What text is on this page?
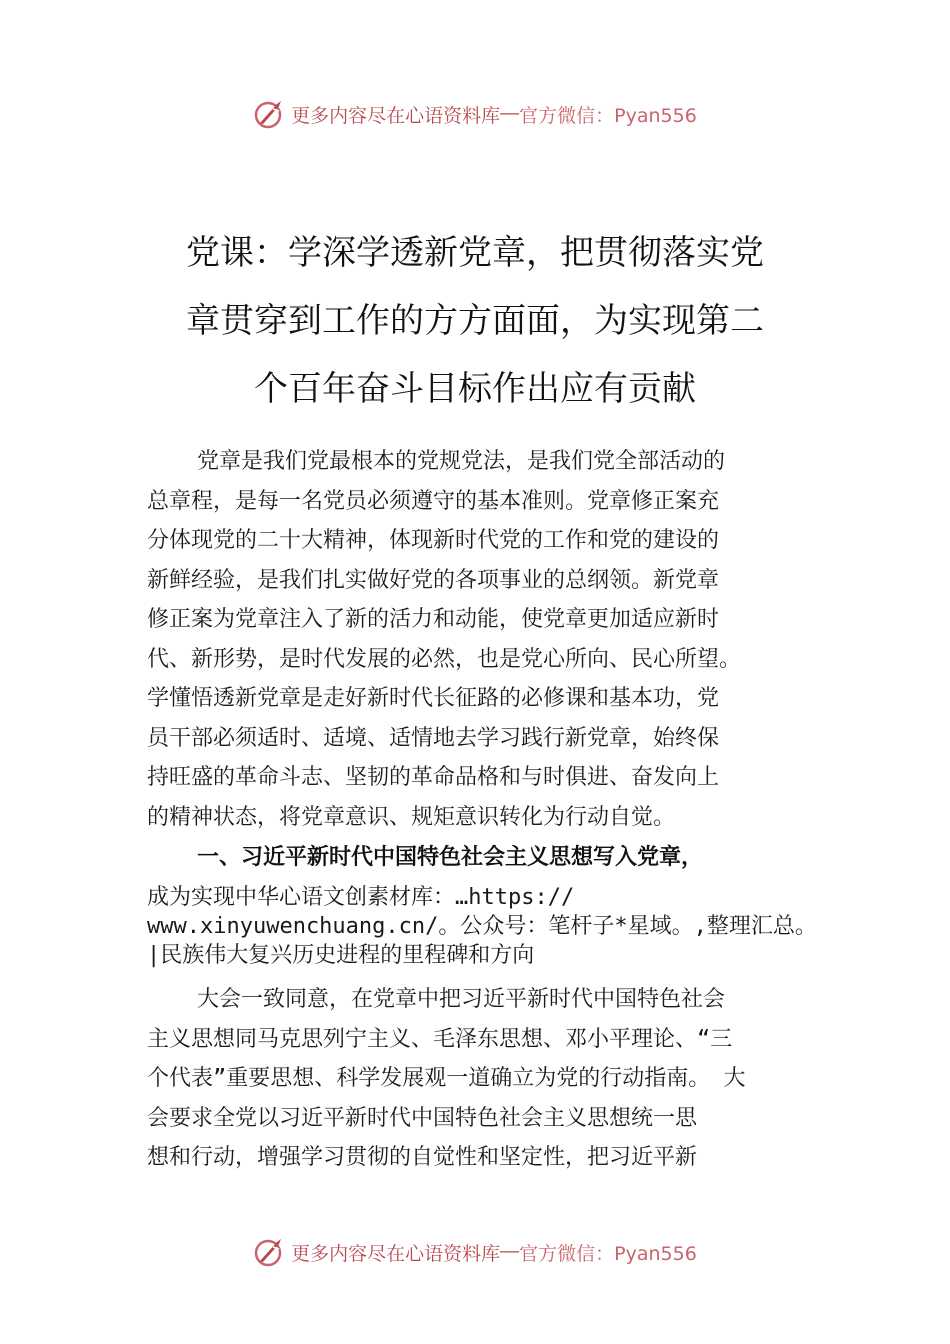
更多内容尽在心语资料库 — 官方微信：Pyan556
党课：学深学透新党章，把贯彻落实党
章贯穿到工作的方方面面，为实现第二
个百年奋斗目标作出应有贡献
党章是我们党最根本的党规党法，是我们党全部活动的
总章程，是每一名党员必须遵守的基本准则。党章修正案充
分体现党的二十大精神，体现新时代党的工作和党的建设的
新鲜经验，是我们扎实做好党的各项事业的总纲领。新党章
修正案为党章注入了新的活力和动能，使党章更加适应新时
代、新形势，是时代发展的必然，也是党心所向、民心所望。
学懂悟透新党章是走好新时代长征路的必修课和基本功，党
员干部必须适时、适境、适情地去学习践行新党章，始终保
持旺盛的革命斗志、坚韧的革命品格和与时俱进、奋发向上
的精神状态，将党章意识、规矩意识转化为行动自觉。
一、习近平新时代中国特色社会主义思想写入党章，
成为实现中华心语文创素材库：…https://
www.xinyuwenchuang.cn/。公众号：笔杆子*星域。,整理汇总。
|民族伟大复兴历史进程的里程碑和方向
大会一致同意，在党章中把习近平新时代中国特色社会
主义思想同马克思列宁主义、毛泽东思想、邓小平理论、“三
个代表”重要思想、科学发展观一道确立为党的行动指南。 大
会要求全党以习近平新时代中国特色社会主义思想统一思
想和行动，增强学习贯彻的自觉性和坚定性，把习近平新
更多内容尽在心语资料库 — 官方微信：Pyan556
